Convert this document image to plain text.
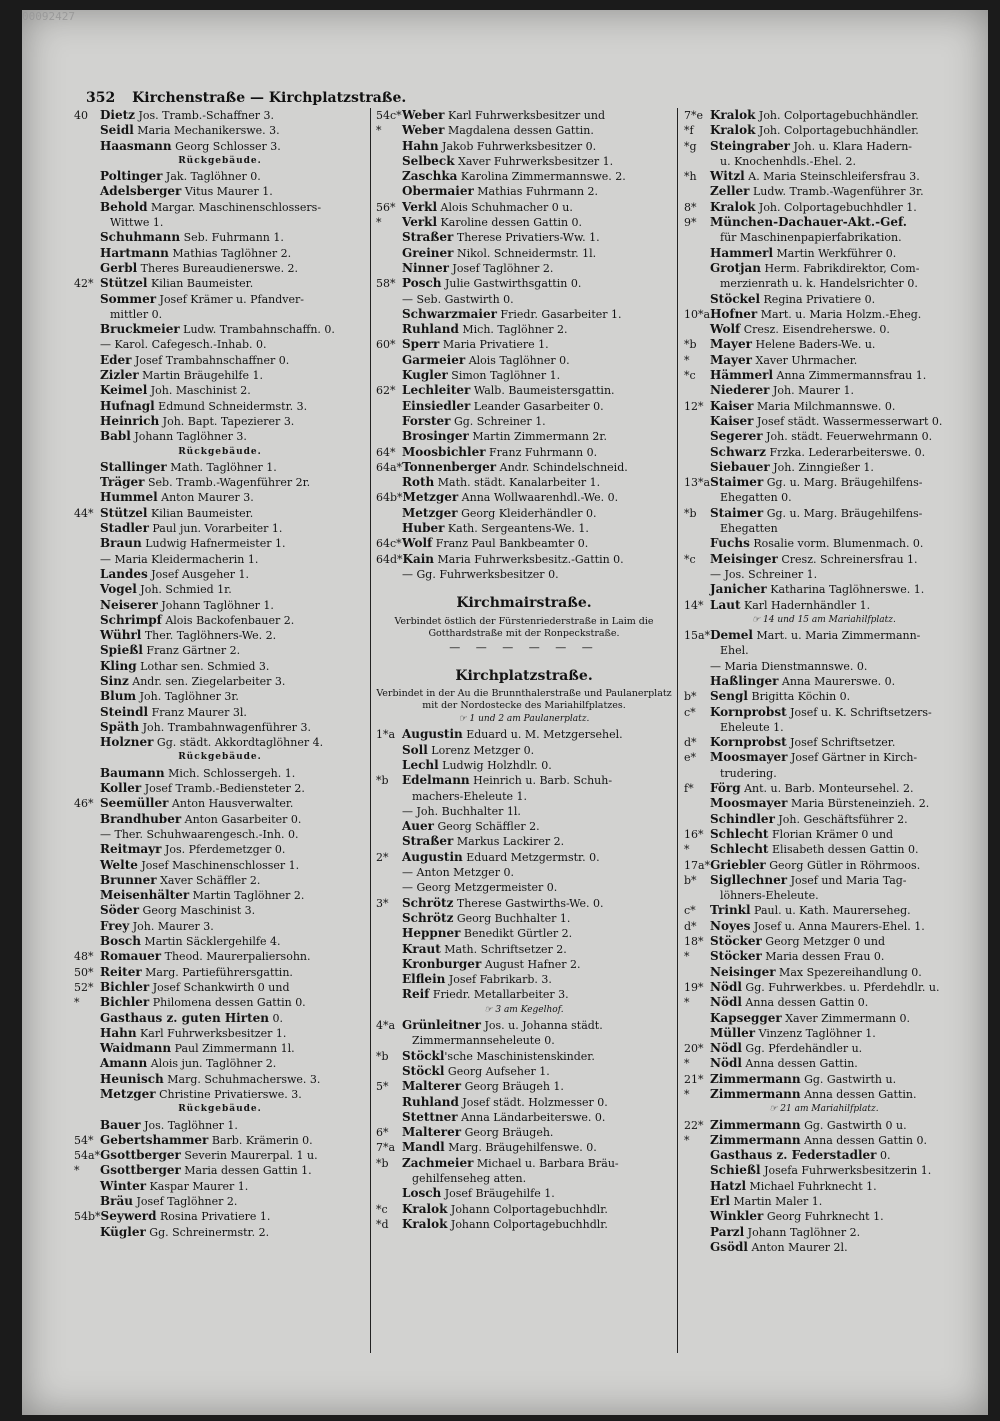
00092427
352 Kirchenstraße — Kirchplatzstraße.
40 Dietz Jos. Tramb.-Schaffner 3.
Seidl Maria Mechanikerswe. 3.
Haasmann Georg Schlosser 3.
Rückgebäude.
Poltinger Jak. Taglöhner 0.
Adelsberger Vitus Maurer 1.
Behold Margar. Maschinenschlossers-
Wittwe 1.
Schuhmann Seb. Fuhrmann 1.
Hartmann Mathias Taglöhner 2.
Gerbl Theres Bureaudienerswe. 2.
42* Stützel Kilian Baumeister.
Sommer Josef Krämer u. Pfandver-
mittler 0.
Bruckmeier Ludw. Trambahnschaffn. 0.
— Karol. Cafegesch.-Inhab. 0.
Eder Josef Trambahnschaffner 0.
Zizler Martin Bräugehilfe 1.
Keimel Joh. Maschinist 2.
Hufnagl Edmund Schneidermstr. 3.
Heinrich Joh. Bapt. Tapezierer 3.
Babl Johann Taglöhner 3.
Rückgebäude.
Stallinger Math. Taglöhner 1.
Träger Seb. Tramb.-Wagenführer 2r.
Hummel Anton Maurer 3.
44* Stützel Kilian Baumeister.
Stadler Paul jun. Vorarbeiter 1.
Braun Ludwig Hafnermeister 1.
— Maria Kleidermacherin 1.
Landes Josef Ausgeher 1.
Vogel Joh. Schmied 1r.
Neiserer Johann Taglöhner 1.
Schrimpf Alois Backofenbauer 2.
Wührl Ther. Taglöhners-We. 2.
Spießl Franz Gärtner 2.
Kling Lothar sen. Schmied 3.
Sinz Andr. sen. Ziegelarbeiter 3.
Blum Joh. Taglöhner 3r.
Steindl Franz Maurer 3l.
Späth Joh. Trambahnwagenführer 3.
Holzner Gg. städt. Akkordtaglöhner 4.
Rückgebäude.
Baumann Mich. Schlossergeh. 1.
Koller Josef Tramb.-Bediensteter 2.
46* Seemüller Anton Hausverwalter.
Brandhuber Anton Gasarbeiter 0.
— Ther. Schuhwaarengesch.-Inh. 0.
Reitmayr Jos. Pferdemetzger 0.
Welte Josef Maschinenschlosser 1.
Brunner Xaver Schäffler 2.
Meisenhälter Martin Taglöhner 2.
Söder Georg Maschinist 3.
Frey Joh. Maurer 3.
Bosch Martin Säcklergehilfe 4.
48* Romauer Theod. Maurerpaliersohn.
50* Reiter Marg. Partieführersgattin.
52* Bichler Josef Schankwirth 0 und
* Bichler Philomena dessen Gattin 0.
Gasthaus z. guten Hirten 0.
Hahn Karl Fuhrwerksbesitzer 1.
Waidmann Paul Zimmermann 1l.
Amann Alois jun. Taglöhner 2.
Heunisch Marg. Schuhmacherswe. 3.
Metzger Christine Privatierswe. 3.
Rückgebäude.
Bauer Jos. Taglöhner 1.
54* Gebertshammer Barb. Krämerin 0.
54a*Gsottberger Severin Maurerpal. 1 u.
* Gsottberger Maria dessen Gattin 1.
Winter Kaspar Maurer 1.
Bräu Josef Taglöhner 2.
54b*Seywerd Rosina Privatiere 1.
Kügler Gg. Schreinermstr. 2.
54c*Weber Karl Fuhrwerksbesitzer und
* Weber Magdalena dessen Gattin.
Hahn Jakob Fuhrwerksbesitzer 0.
Selbeck Xaver Fuhrwerksbesitzer 1.
Zaschka Karolina Zimmermannswe. 2.
Obermaier Mathias Fuhrmann 2.
56* Verkl Alois Schuhmacher 0 u.
* Verkl Karoline dessen Gattin 0.
Straßer Therese Privatiers-Ww. 1.
Greiner Nikol. Schneidermstr. 1l.
Ninner Josef Taglöhner 2.
58* Posch Julie Gastwirthsgattin 0.
— Seb. Gastwirth 0.
Schwarzmaier Friedr. Gasarbeiter 1.
Ruhland Mich. Taglöhner 2.
60* Sperr Maria Privatiere 1.
Garmeier Alois Taglöhner 0.
Kugler Simon Taglöhner 1.
62* Lechleiter Walb. Baumeistersgattin.
Einsiedler Leander Gasarbeiter 0.
Forster Gg. Schreiner 1.
Brosinger Martin Zimmermann 2r.
64* Moosbichler Franz Fuhrmann 0.
64a*Tonnenberger Andr. Schindelschneid.
Roth Math. städt. Kanalarbeiter 1.
64b*Metzger Anna Wollwaarenhdl.-We. 0.
Metzger Georg Kleiderhändler 0.
Huber Kath. Sergeantens-We. 1.
64c*Wolf Franz Paul Bankbeamter 0.
64d*Kain Maria Fuhrwerksbesitz.-Gattin 0.
— Gg. Fuhrwerksbesitzer 0.
Kirchmairstraße.
Verbindet östlich der Fürstenriederstraße in Laim die Gotthardstraße mit der Ronpeckstraße.
— — — — — —
Kirchplatzstraße.
Verbindet in der Au die Brunnthalerstraße und Paulanerplatz mit der Nordostecke des Mariahilfplatzes.
☞ 1 und 2 am Paulanerplatz.
1*a Augustin Eduard u. M. Metzgersehel.
Soll Lorenz Metzger 0.
Lechl Ludwig Holzhdlr. 0.
*b Edelmann Heinrich u. Barb. Schuh-
machers-Eheleute 1.
— Joh. Buchhalter 1l.
Auer Georg Schäffler 2.
Straßer Markus Lackirer 2.
2* Augustin Eduard Metzgermstr. 0.
— Anton Metzger 0.
— Georg Metzgermeister 0.
3* Schrötz Therese Gastwirths-We. 0.
Schrötz Georg Buchhalter 1.
Heppner Benedikt Gürtler 2.
Kraut Math. Schriftsetzer 2.
Kronburger August Hafner 2.
Elflein Josef Fabrikarb. 3.
Reif Friedr. Metallarbeiter 3.
☞ 3 am Kegelhof.
4*a Grünleitner Jos. u. Johanna städt.
Zimmermannseheleute 0.
*b Stöckl'sche Maschinistenskinder.
Stöckl Georg Aufseher 1.
5* Malterer Georg Bräugeh 1.
Ruhland Josef städt. Holzmesser 0.
Stettner Anna Ländarbeiterswe. 0.
6* Malterer Georg Bräugeh.
7*a Mandl Marg. Bräugehilfenswe. 0.
*b Zachmeier Michael u. Barbara Bräu-
gehilfenseheg atten.
Losch Josef Bräugehilfe 1.
*c Kralok Johann Colportagebuchhdlr.
*d Kralok Johann Colportagebuchhdlr.
7*e Kralok Joh. Colportagebuchhändler.
*f Kralok Joh. Colportagebuchhändler.
*g Steingraber Joh. u. Klara Hadern-
u. Knochenhdls.-Ehel. 2.
*h Witzl A. Maria Steinschleifersfrau 3.
Zeller Ludw. Tramb.-Wagenführer 3r.
8* Kralok Joh. Colportagebuchhdler 1.
9* München-Dachauer-Akt.-Gef.
für Maschinenpapierfabrikation.
Hammerl Martin Werkführer 0.
Grotjan Herm. Fabrikdirektor, Com-
merzienrath u. k. Handelsrichter 0.
Stöckel Regina Privatiere 0.
10*aHofner Mart. u. Maria Holzm.-Eheg.
Wolf Cresz. Eisendreherswe. 0.
*b Mayer Helene Baders-We. u.
* Mayer Xaver Uhrmacher.
*c Hämmerl Anna Zimmermannsfrau 1.
Niederer Joh. Maurer 1.
12* Kaiser Maria Milchmannswe. 0.
Kaiser Josef städt. Wassermesserwart 0.
Segerer Joh. städt. Feuerwehrmann 0.
Schwarz Frzka. Lederarbeiterswe. 0.
Siebauer Joh. Zinngießer 1.
13*aStaimer Gg. u. Marg. Bräugehilfens-
Ehegatten 0.
*b Staimer Gg. u. Marg. Bräugehilfens-
Ehegatten
Fuchs Rosalie vorm. Blumenmach. 0.
*c Meisinger Cresz. Schreinersfrau 1.
— Jos. Schreiner 1.
Janicher Katharina Taglöhnerswe. 1.
14* Laut Karl Hadernhändler 1.
☞ 14 und 15 am Mariahilfplatz.
15a*Demel Mart. u. Maria Zimmermann-
Ehel.
— Maria Dienstmannswe. 0.
Haßlinger Anna Maurerswe. 0.
b* Sengl Brigitta Köchin 0.
c* Kornprobst Josef u. K. Schriftsetzers-
Eheleute 1.
d* Kornprobst Josef Schriftsetzer.
e* Moosmayer Josef Gärtner in Kirch-
trudering.
f* Förg Ant. u. Barb. Monteursehel. 2.
Moosmayer Maria Bürsteneinzieh. 2.
Schindler Joh. Geschäftsführer 2.
16* Schlecht Florian Krämer 0 und
* Schlecht Elisabeth dessen Gattin 0.
17a*Griebler Georg Gütler in Röhrmoos.
b* Sigllechner Josef und Maria Tag-
löhners-Eheleute.
c* Trinkl Paul. u. Kath. Maurerseheg.
d* Noyes Josef u. Anna Maurers-Ehel. 1.
18* Stöcker Georg Metzger 0 und
* Stöcker Maria dessen Frau 0.
Neisinger Max Spezereihandlung 0.
19* Nödl Gg. Fuhrwerkbes. u. Pferdehdlr. u.
* Nödl Anna dessen Gattin 0.
Kapsegger Xaver Zimmermann 0.
Müller Vinzenz Taglöhner 1.
20* Nödl Gg. Pferdehändler u.
* Nödl Anna dessen Gattin.
21* Zimmermann Gg. Gastwirth u.
* Zimmermann Anna dessen Gattin.
☞ 21 am Mariahilfplatz.
22* Zimmermann Gg. Gastwirth 0 u.
* Zimmermann Anna dessen Gattin 0.
Gasthaus z. Federstadler 0.
Schießl Josefa Fuhrwerksbesitzerin 1.
Hatzl Michael Fuhrknecht 1.
Erl Martin Maler 1.
Winkler Georg Fuhrknecht 1.
Parzl Johann Taglöhner 2.
Gsödl Anton Maurer 2l.
